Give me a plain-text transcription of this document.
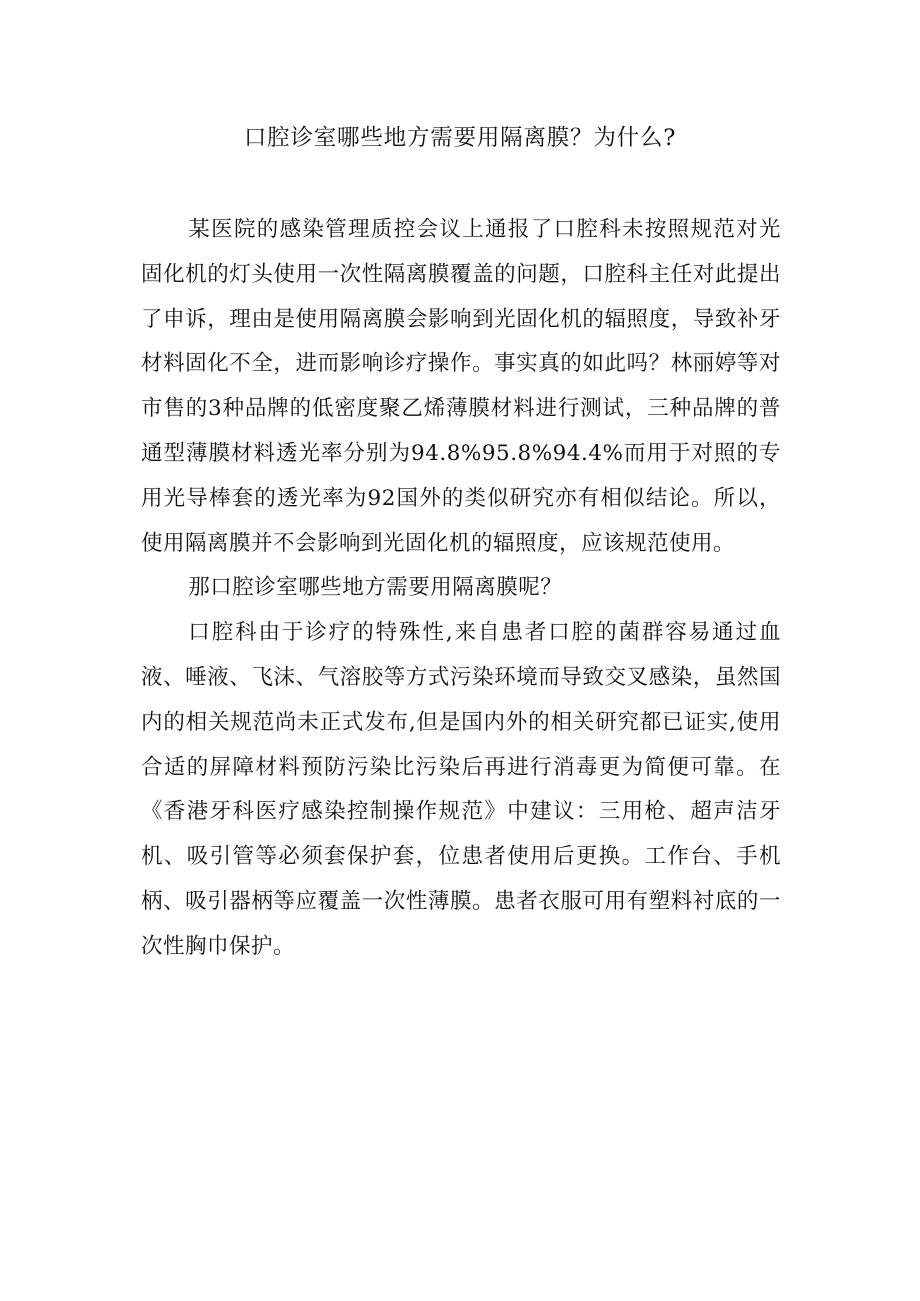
口腔诊室哪些地方需要用隔离膜？为什么?

某医院的感染管理质控会议上通报了口腔科未按照规范对光固化机的灯头使用一次性隔离膜覆盖的问题，口腔科主任对此提出了申诉，理由是使用隔离膜会影响到光固化机的辐照度，导致补牙材料固化不全，进而影响诊疗操作。事实真的如此吗？林丽婷等对市售的3种品牌的低密度聚乙烯薄膜材料进行测试，三种品牌的普通型薄膜材料透光率分别为94.8%95.8%94.4%而用于对照的专用光导棒套的透光率为92国外的类似研究亦有相似结论。所以，使用隔离膜并不会影响到光固化机的辐照度，应该规范使用。

那口腔诊室哪些地方需要用隔离膜呢？

口腔科由于诊疗的特殊性,来自患者口腔的菌群容易通过血液、唾液、飞沫、气溶胶等方式污染环境而导致交叉感染，虽然国内的相关规范尚未正式发布,但是国内外的相关研究都已证实,使用合适的屏障材料预防污染比污染后再进行消毒更为简便可靠。在《香港牙科医疗感染控制操作规范》中建议：三用枪、超声洁牙机、吸引管等必须套保护套，位患者使用后更换。工作台、手机柄、吸引器柄等应覆盖一次性薄膜。患者衣服可用有塑料衬底的一次性胸巾保护。
